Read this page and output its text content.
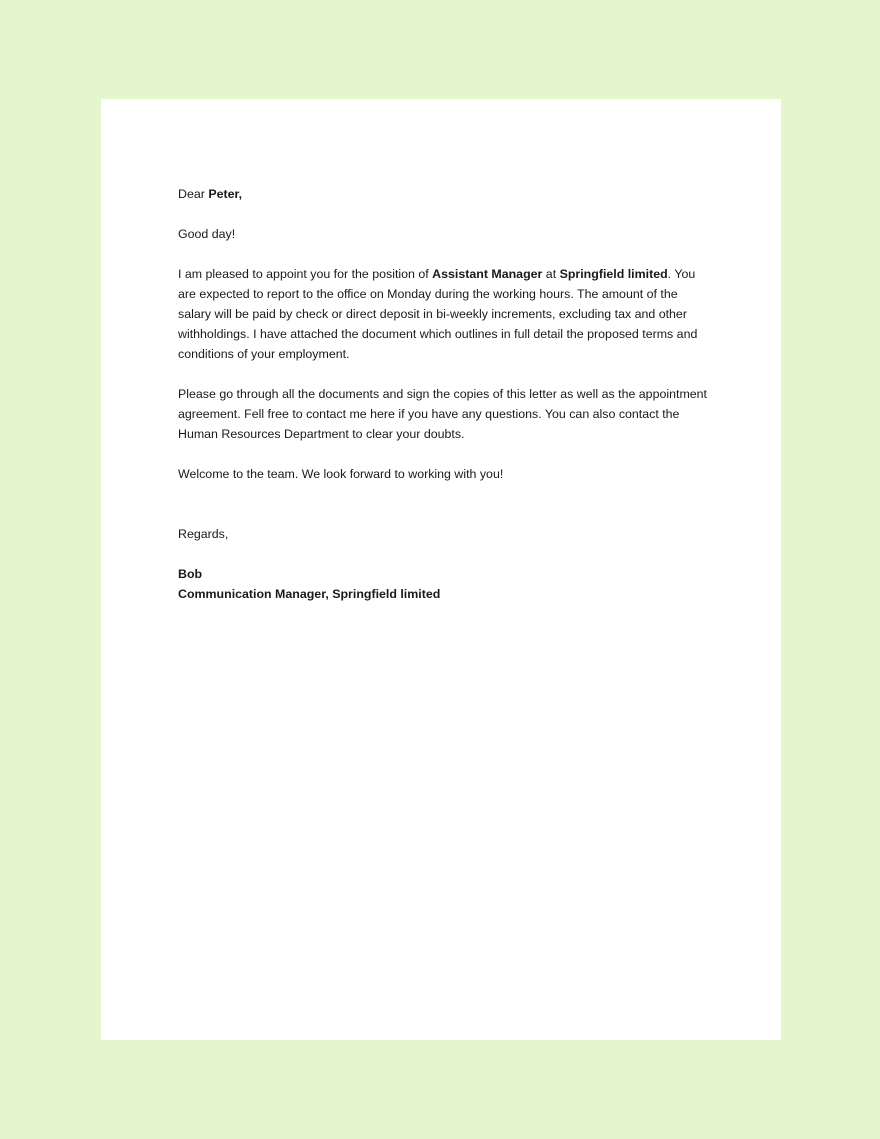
Dear Peter,

Good day!

I am pleased to appoint you for the position of Assistant Manager at Springfield limited. You are expected to report to the office on Monday during the working hours. The amount of the salary will be paid by check or direct deposit in bi-weekly increments, excluding tax and other withholdings. I have attached the document which outlines in full detail the proposed terms and conditions of your employment.

Please go through all the documents and sign the copies of this letter as well as the appointment agreement. Fell free to contact me here if you have any questions. You can also contact the Human Resources Department to clear your doubts.

Welcome to the team. We look forward to working with you!

Regards,

Bob

Communication Manager, Springfield limited
